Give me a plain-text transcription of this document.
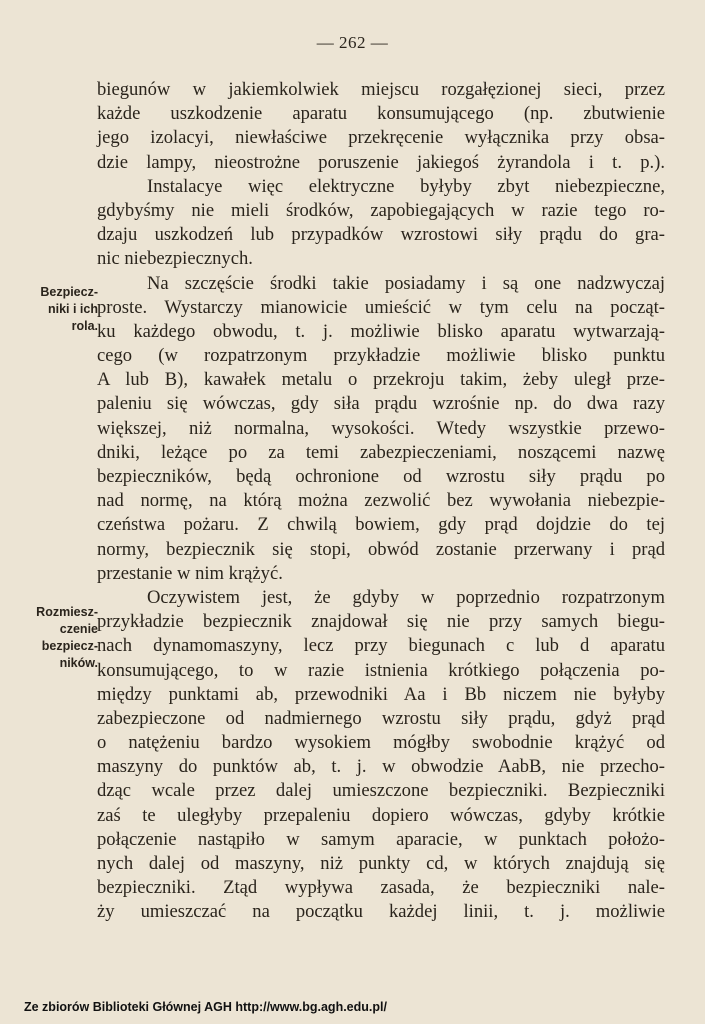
— 262 —
biegunów w jakiemkolwiek miejscu rozgałęzionej sieci, przez
każde uszkodzenie aparatu konsumującego (np. zbutwienie
jego izolacyi, niewłaściwe przekręcenie wyłącznika przy obsa-
dzie lampy, nieostrożne poruszenie jakiegoś żyrandola i t. p.).
Instalacye więc elektryczne byłyby zbyt niebezpieczne,
gdybyśmy nie mieli środków, zapobiegających w razie tego ro-
dzaju uszkodzeń lub przypadków wzrostowi siły prądu do gra-
nic niebezpiecznych.
Na szczęście środki takie posiadamy i są one nadzwyczaj
proste. Wystarczy mianowicie umieścić w tym celu na począt-
ku każdego obwodu, t. j. możliwie blisko aparatu wytwarzają-
cego (w rozpatrzonym przykładzie możliwie blisko punktu
A lub B), kawałek metalu o przekroju takim, żeby uległ prze-
paleniu się wówczas, gdy siła prądu wzrośnie np. do dwa razy
większej, niż normalna, wysokości. Wtedy wszystkie przewo-
dniki, leżące po za temi zabezpieczeniami, noszącemi nazwę
bezpieczników, będą ochronione od wzrostu siły prądu po
nad normę, na którą można zezwolić bez wywołania niebezpie-
czeństwa pożaru. Z chwilą bowiem, gdy prąd dojdzie do tej
normy, bezpiecznik się stopi, obwód zostanie przerwany i prąd
przestanie w nim krążyć.
Oczywistem jest, że gdyby w poprzednio rozpatrzonym
przykładzie bezpiecznik znajdował się nie przy samych biegu-
nach dynamomaszyny, lecz przy biegunach c lub d aparatu
konsumującego, to w razie istnienia krótkiego połączenia po-
między punktami ab, przewodniki Aa i Bb niczem nie byłyby
zabezpieczone od nadmiernego wzrostu siły prądu, gdyż prąd
o natężeniu bardzo wysokiem mógłby swobodnie krążyć od
maszyny do punktów ab, t. j. w obwodzie AabB, nie przecho-
dząc wcale przez dalej umieszczone bezpieczniki. Bezpieczniki
zaś te uległyby przepaleniu dopiero wówczas, gdyby krótkie
połączenie nastąpiło w samym aparacie, w punktach położo-
nych dalej od maszyny, niż punkty cd, w których znajdują się
bezpieczniki. Ztąd wypływa zasada, że bezpieczniki nale-
ży umieszczać na początku każdej linii, t. j. możliwie
Bezpiecz-
niki i ich
rola.
Rozmiesz-
czenie
bezpiecz-
ników.
Ze zbiorów Biblioteki Głównej AGH http://www.bg.agh.edu.pl/
